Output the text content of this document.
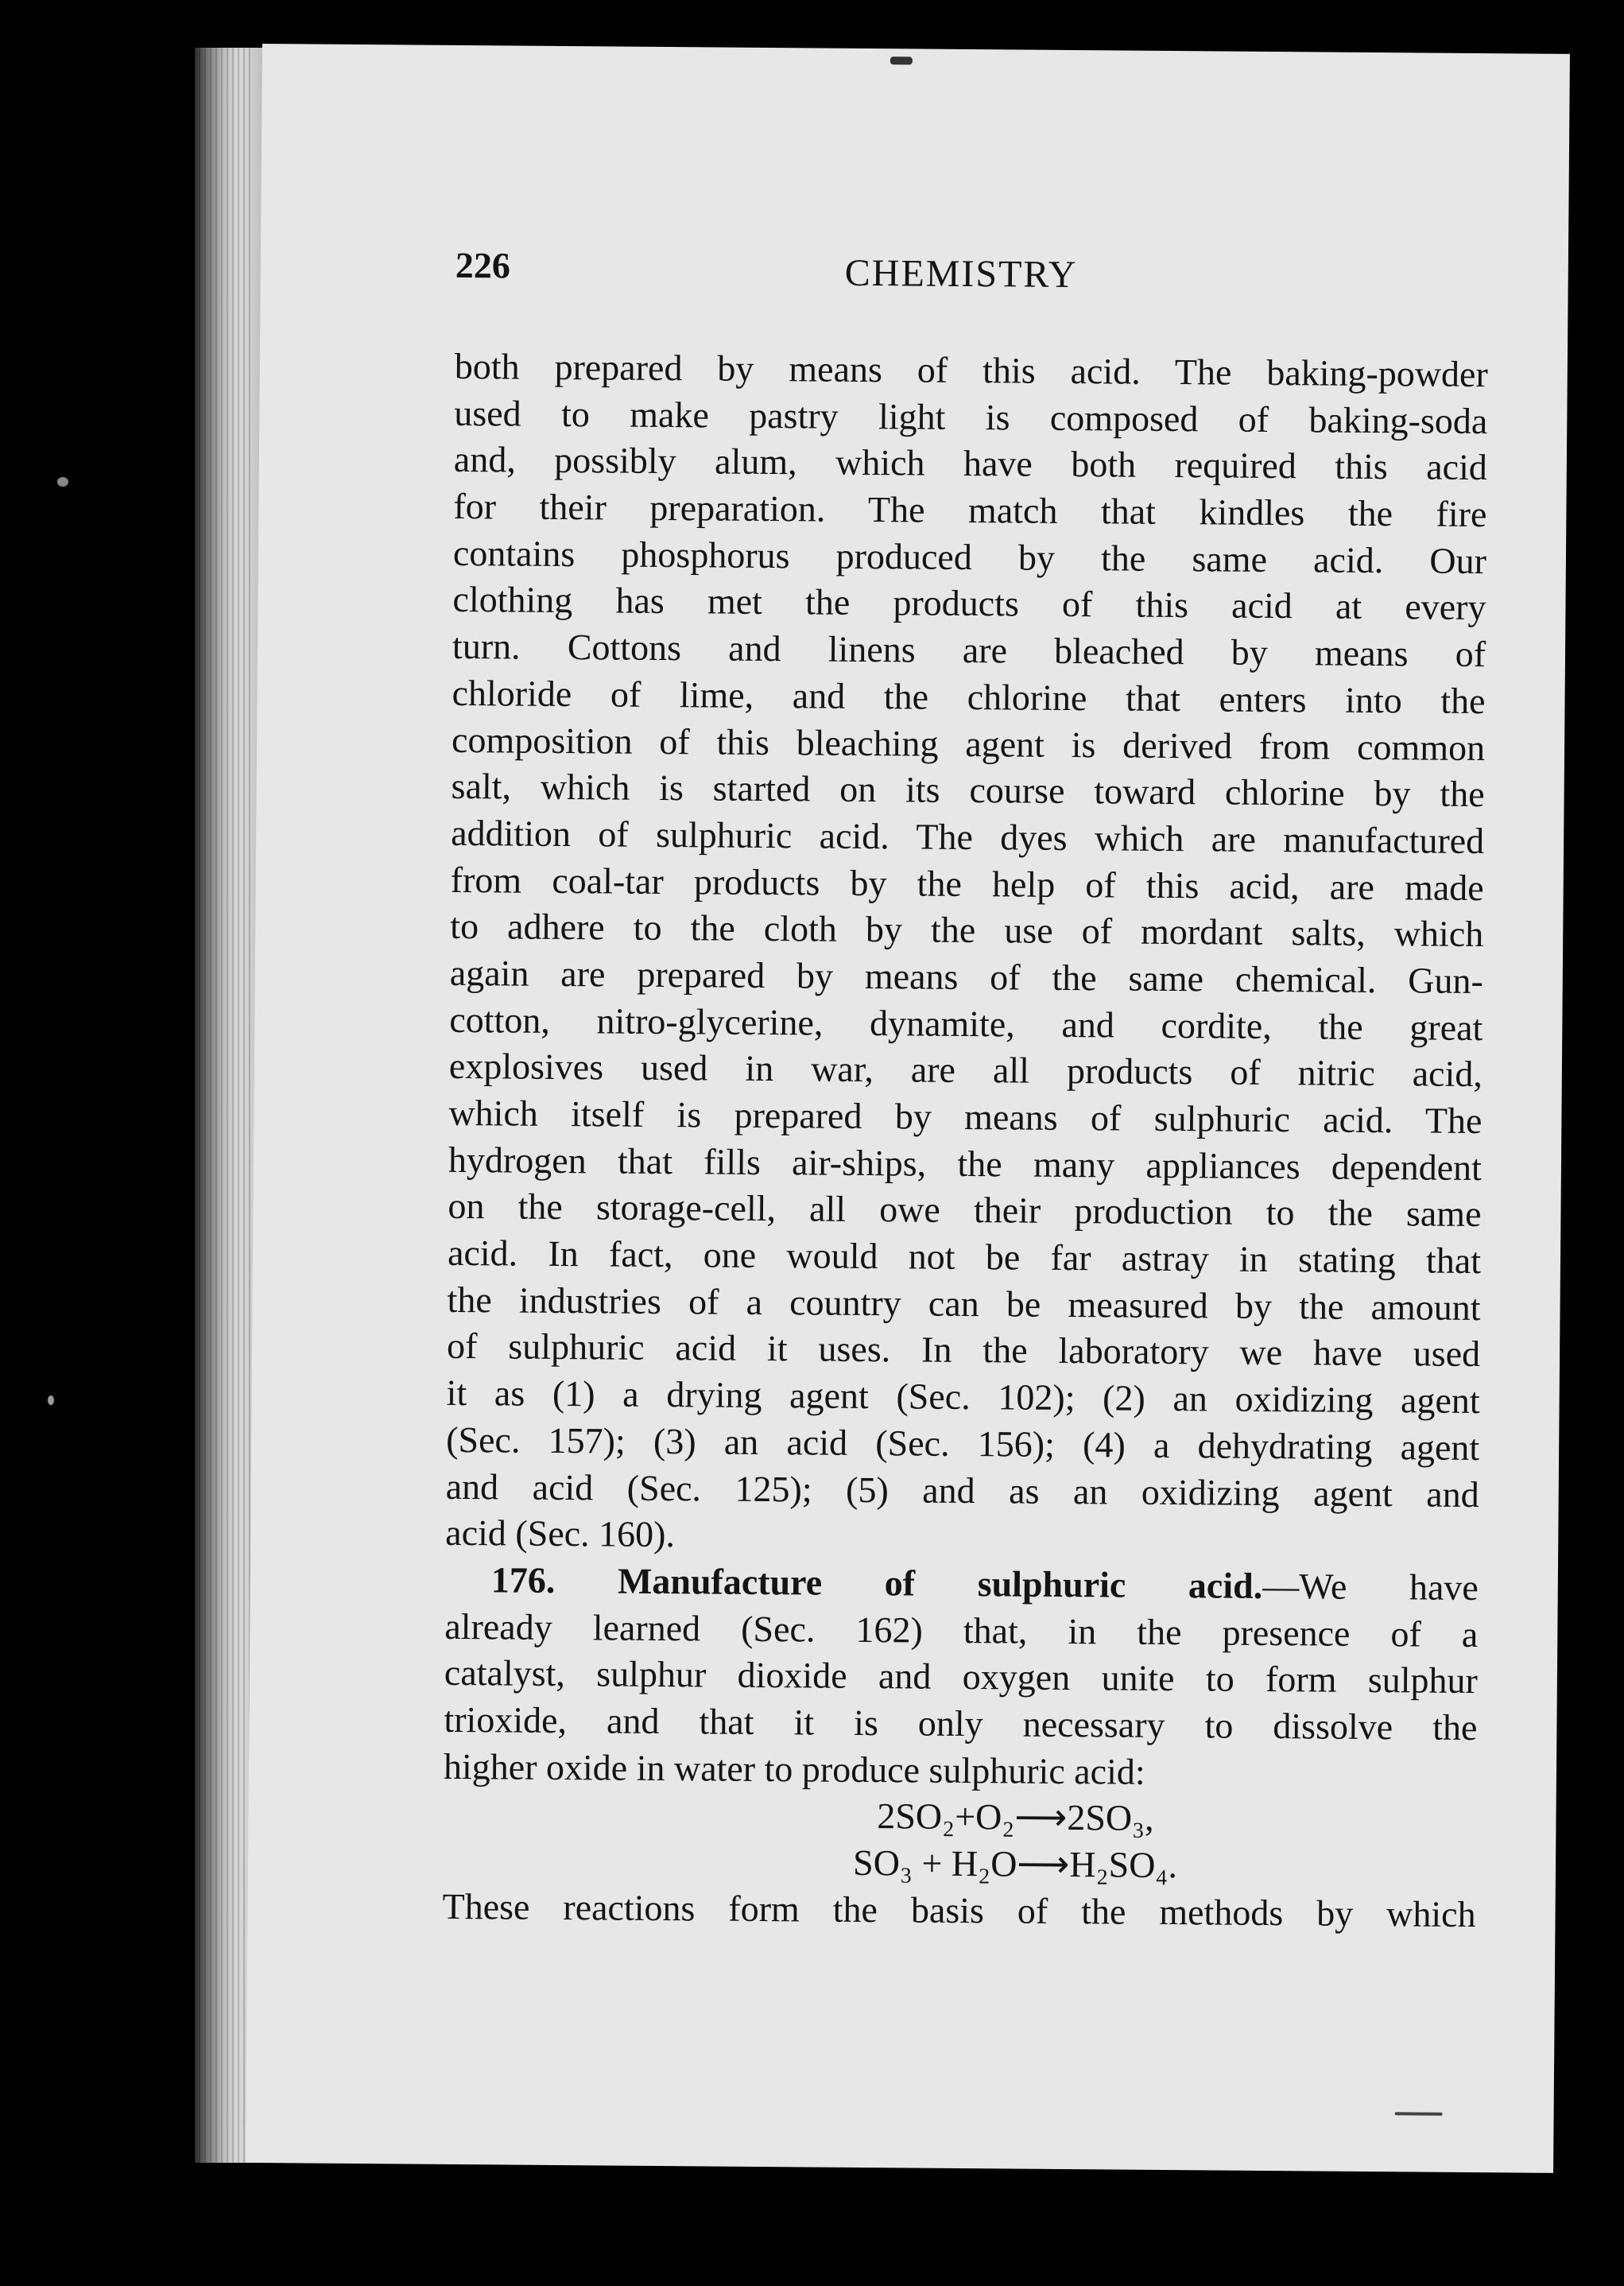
226	CHEMISTRY
both prepared by means of this acid. The baking-powder
used to make pastry light is composed of baking-soda
and, possibly alum, which have both required this acid
for their preparation. The match that kindles the fire
contains phosphorus produced by the same acid. Our
clothing has met the products of this acid at every
turn. Cottons and linens are bleached by means of
chloride of lime, and the chlorine that enters into the
composition of this bleaching agent is derived from common
salt, which is started on its course toward chlorine by the
addition of sulphuric acid. The dyes which are manufactured
from coal-tar products by the help of this acid, are made
to adhere to the cloth by the use of mordant salts, which
again are prepared by means of the same chemical. Gun-
cotton, nitro-glycerine, dynamite, and cordite, the great
explosives used in war, are all products of nitric acid,
which itself is prepared by means of sulphuric acid. The
hydrogen that fills air-ships, the many appliances dependent
on the storage-cell, all owe their production to the same
acid. In fact, one would not be far astray in stating that
the industries of a country can be measured by the amount
of sulphuric acid it uses. In the laboratory we have used
it as (1) a drying agent (Sec. 102); (2) an oxidizing agent
(Sec. 157); (3) an acid (Sec. 156); (4) a dehydrating agent
and acid (Sec. 125); (5) and as an oxidizing agent and
acid (Sec. 160).
176. Manufacture of sulphuric acid.—We have
already learned (Sec. 162) that, in the presence of a
catalyst, sulphur dioxide and oxygen unite to form sulphur
trioxide, and that it is only necessary to dissolve the
higher oxide in water to produce sulphuric acid:
2SO₂+O₂⟶2SO₃,
SO₃ + H₂O⟶H₂SO₄.
These reactions form the basis of the methods by which
